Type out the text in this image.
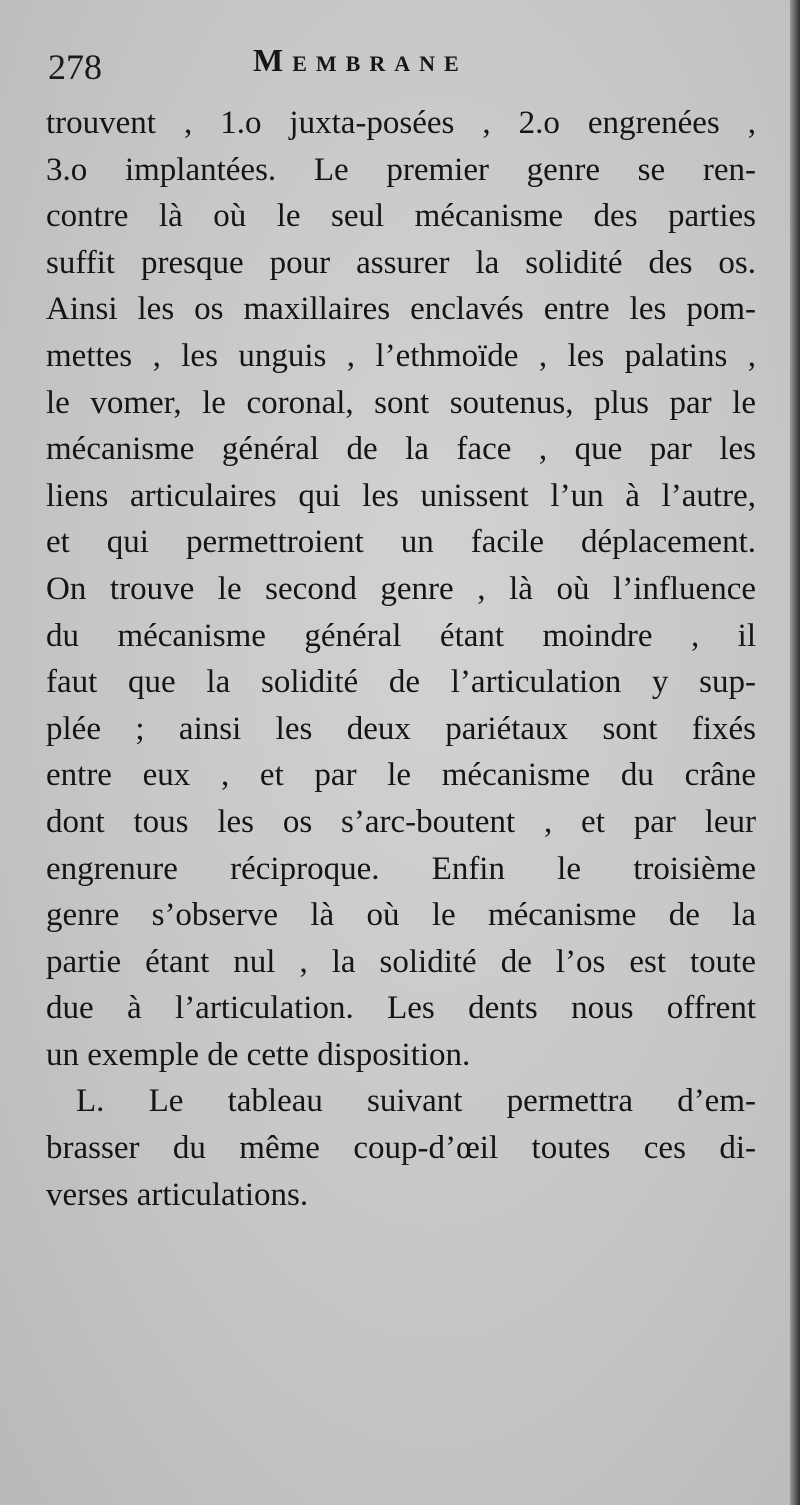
278	Membrane
trouvent , 1.o juxta-posées , 2.o engrenées ,
3.o implantées. Le premier genre se ren-
contre là où le seul mécanisme des parties
suffit presque pour assurer la solidité des os.
Ainsi les os maxillaires enclavés entre les pom-
mettes , les unguis , l’ethmoïde , les palatins ,
le vomer, le coronal, sont soutenus, plus par le
mécanisme général de la face , que par les
liens articulaires qui les unissent l’un à l’autre,
et qui permettroient un facile déplacement.
On trouve le second genre , là où l’influence
du mécanisme général étant moindre , il
faut que la solidité de l’articulation y sup-
plée ; ainsi les deux pariétaux sont fixés
entre eux , et par le mécanisme du crâne
dont tous les os s’arc-boutent , et par leur
engrenure réciproque. Enfin le troisième
genre s’observe là où le mécanisme de la
partie étant nul , la solidité de l’os est toute
due à l’articulation. Les dents nous offrent
un exemple de cette disposition.
L. Le tableau suivant permettra d’em-
brasser du même coup-d’œil toutes ces di-
verses articulations.
